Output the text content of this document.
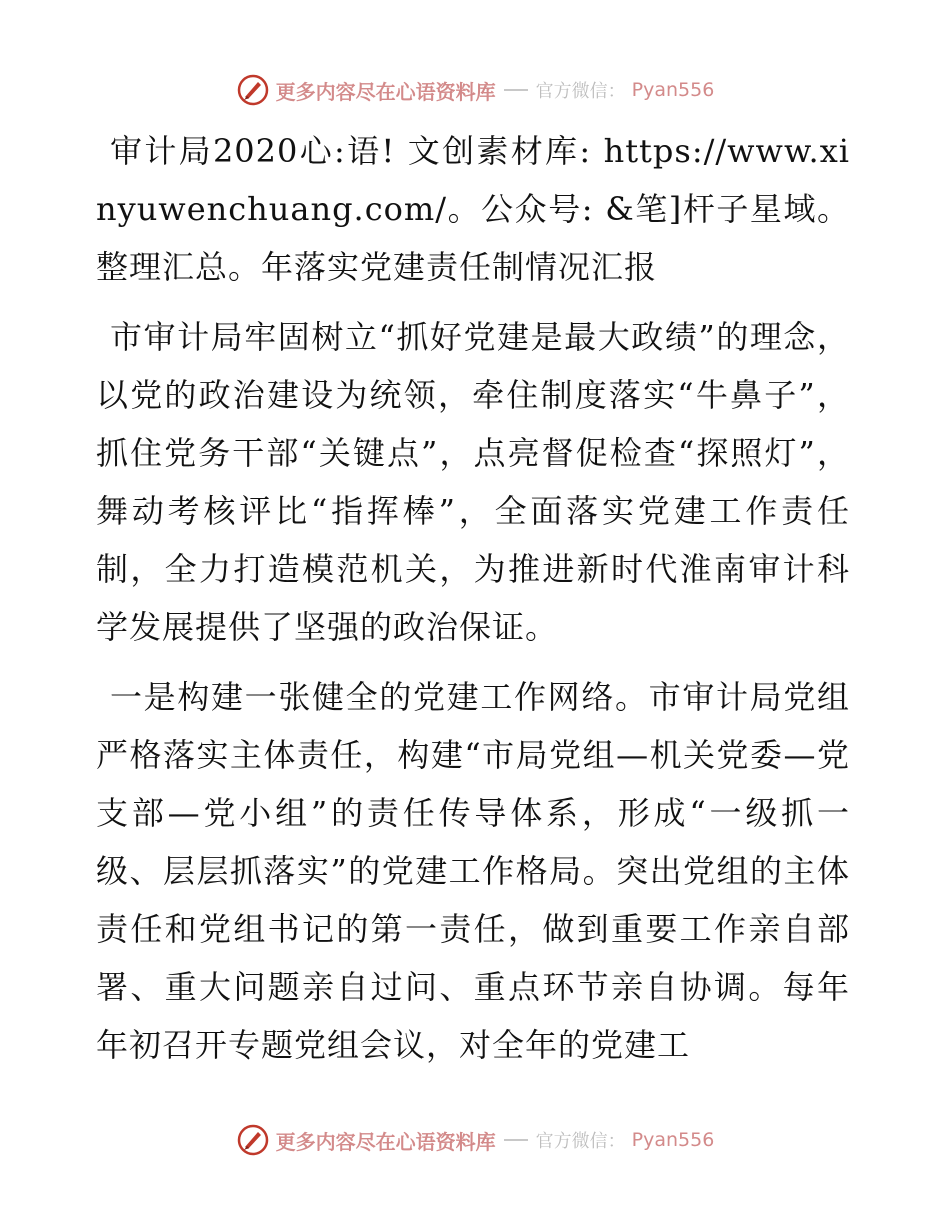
更多内容尽在心语资料库 官方微信： Pyan556

审计局2020心:语! 文创素材库: https://www.xinyuwenchuang.com/。公众号: &笔]杆子星域。整理汇总。年落实党建责任制情况汇报

市审计局牢固树立“抓好党建是最大政绩”的理念，以党的政治建设为统领，牵住制度落实“牛鼻子”，抓住党务干部“关键点”，点亮督促检查“探照灯”，舞动考核评比“指挥棒”，全面落实党建工作责任制，全力打造模范机关，为推进新时代淮南审计科学发展提供了坚强的政治保证。

一是构建一张健全的党建工作网络。市审计局党组严格落实主体责任，构建“市局党组—机关党委—党支部—党小组”的责任传导体系，形成“一级抓一级、层层抓落实”的党建工作格局。突出党组的主体责任和党组书记的第一责任，做到重要工作亲自部署、重大问题亲自过问、重点环节亲自协调。每年年初召开专题党组会议，对全年的党建工

更多内容尽在心语资料库 官方微信： Pyan556
